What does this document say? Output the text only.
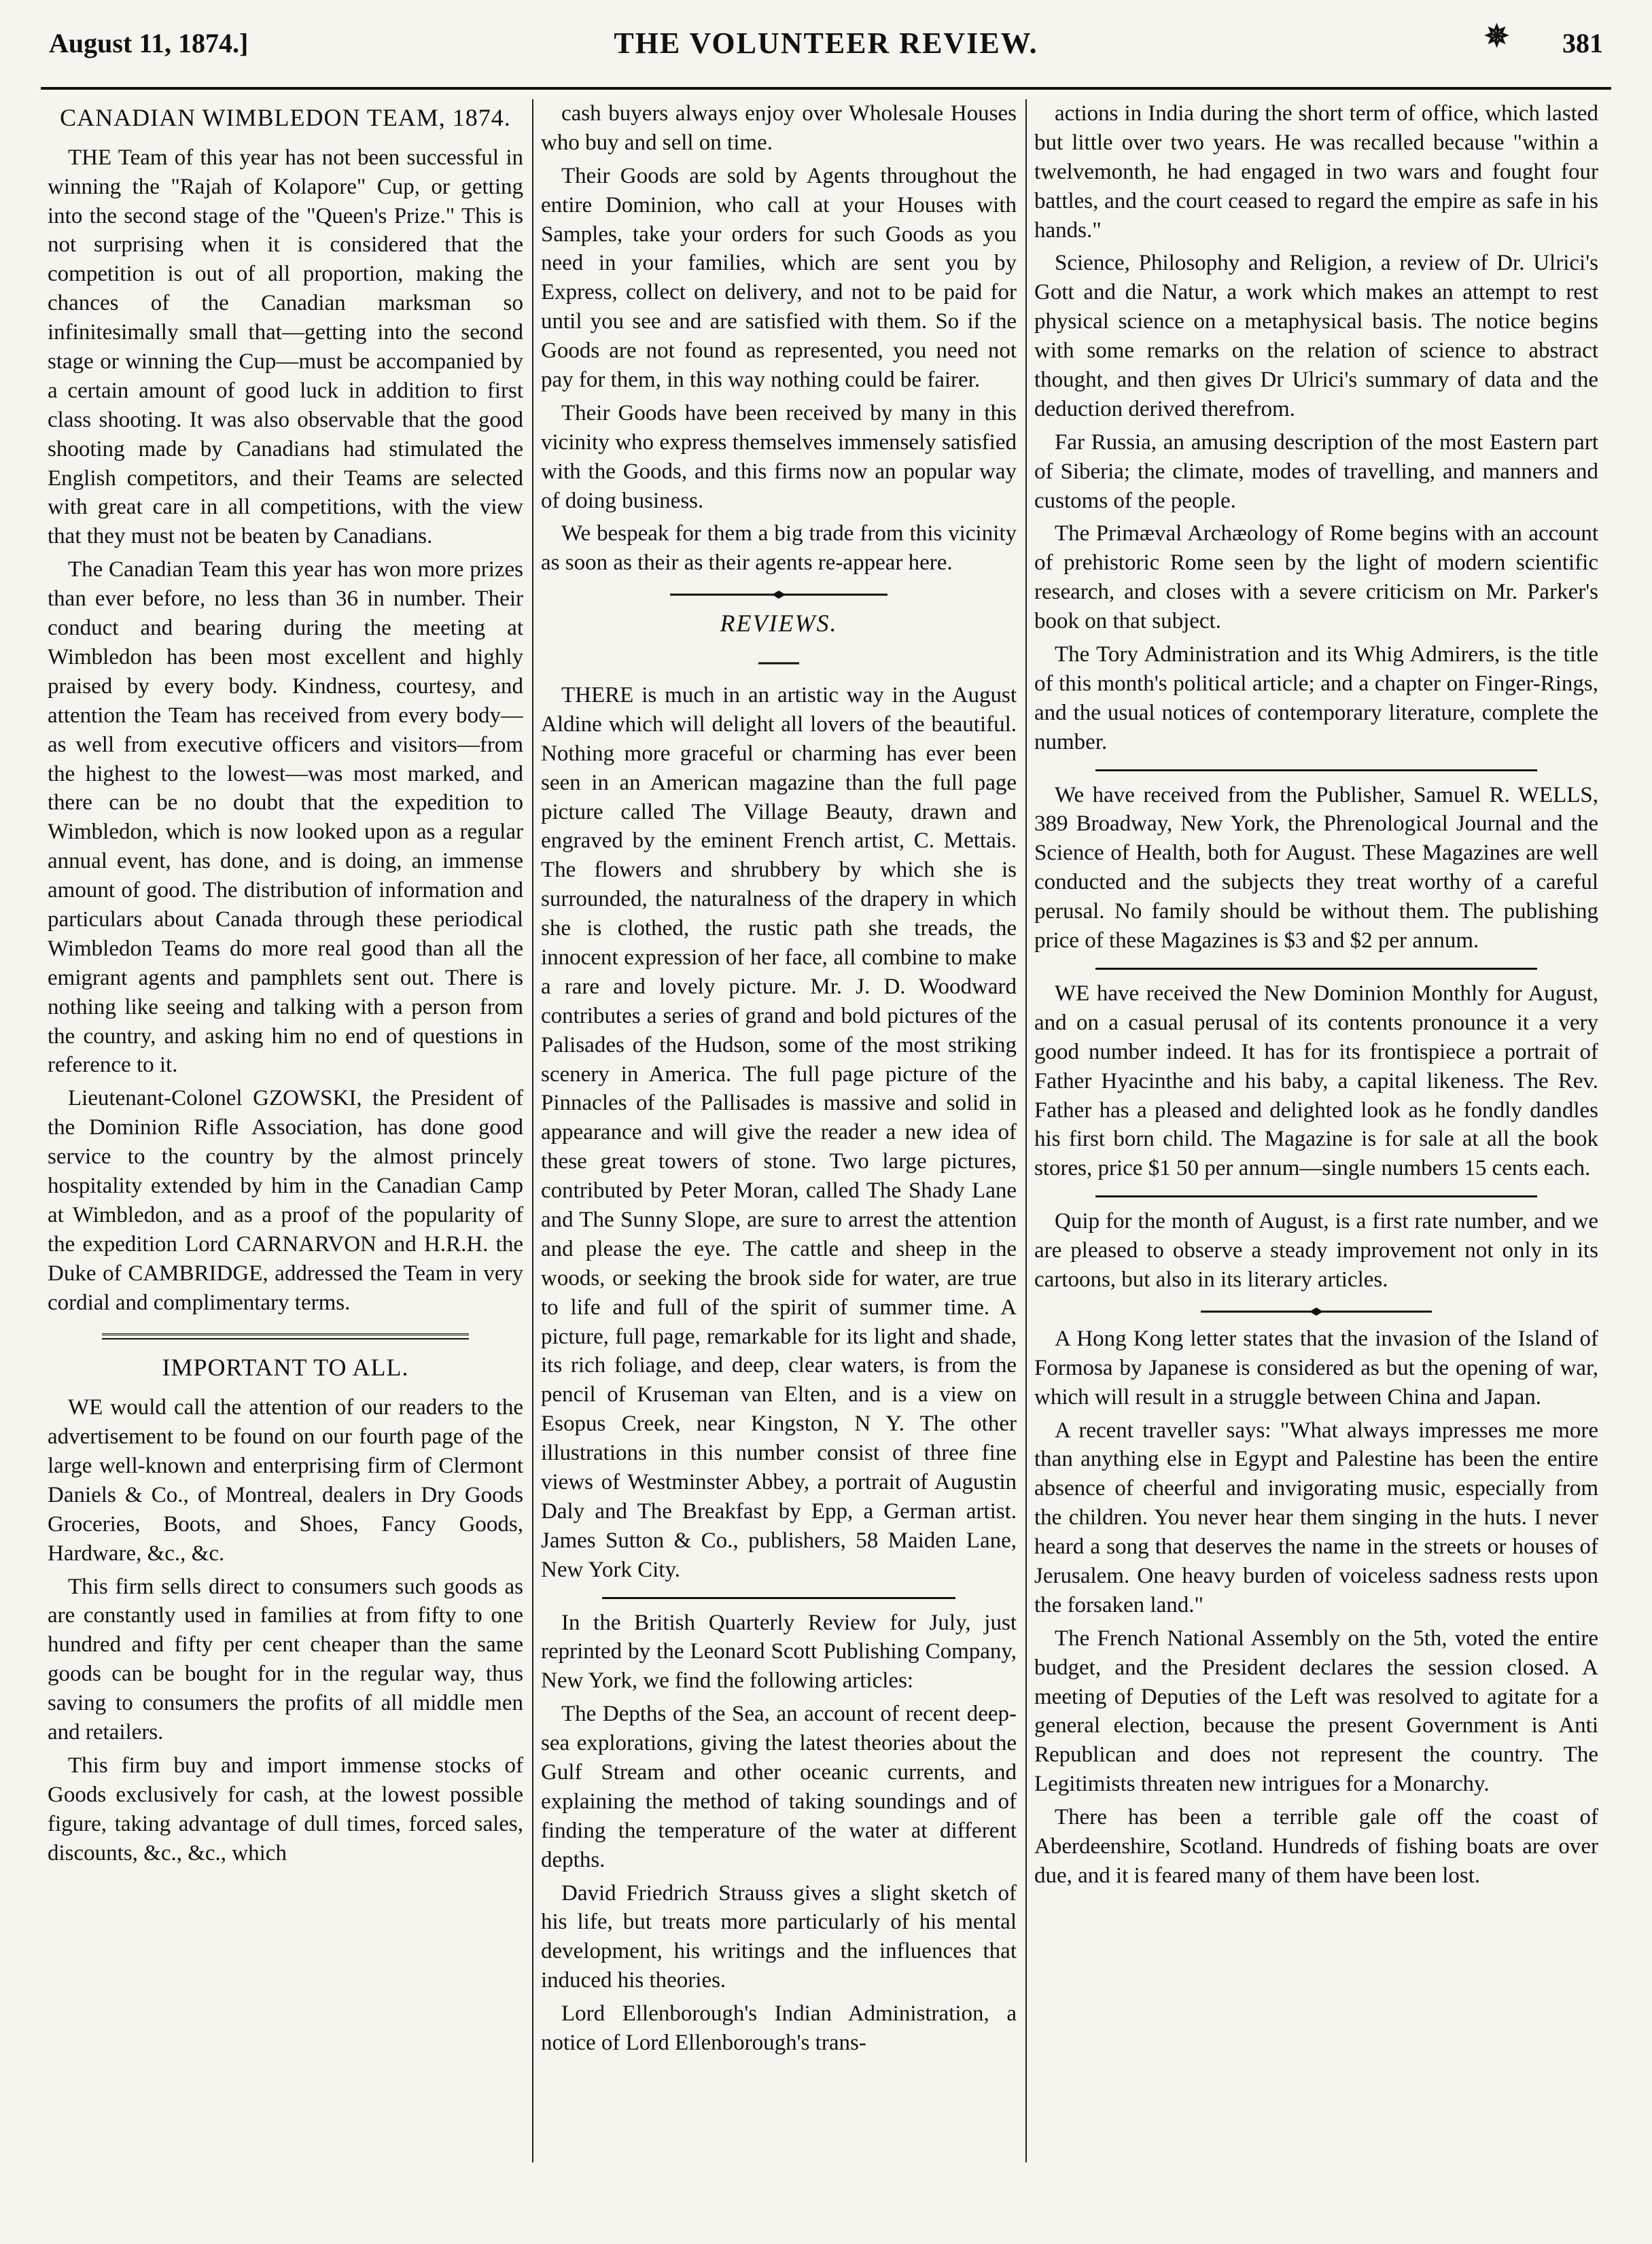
August 11, 1874.]	THE VOLUNTEER REVIEW.	✵ 381
CANADIAN WIMBLEDON TEAM, 1874.

THE Team of this year has not been successful in winning the "Rajah of Kolapore" Cup, or getting into the second stage of the "Queen's Prize." This is not surprising when it is considered that the competition is out of all proportion, making the chances of the Canadian marksman so infinitesimally small that—getting into the second stage or winning the Cup—must be accompanied by a certain amount of good luck in addition to first class shooting. It was also observable that the good shooting made by Canadians had stimulated the English competitors, and their Teams are selected with great care in all competitions, with the view that they must not be beaten by Canadians.

The Canadian Team this year has won more prizes than ever before, no less than 36 in number. Their conduct and bearing during the meeting at Wimbledon has been most excellent and highly praised by every body. Kindness, courtesy, and attention the Team has received from every body—as well from executive officers and visitors—from the highest to the lowest—was most marked, and there can be no doubt that the expedition to Wimbledon, which is now looked upon as a regular annual event, has done, and is doing, an immense amount of good. The distribution of information and particulars about Canada through these periodical Wimbledon Teams do more real good than all the emigrant agents and pamphlets sent out. There is nothing like seeing and talking with a person from the country, and asking him no end of questions in reference to it.

Lieutenant-Colonel GZOWSKI, the President of the Dominion Rifle Association, has done good service to the country by the almost princely hospitality extended by him in the Canadian Camp at Wimbledon, and as a proof of the popularity of the expedition Lord CARNARVON and H.R.H. the Duke of CAMBRIDGE, addressed the Team in very cordial and complimentary terms.

IMPORTANT TO ALL.

WE would call the attention of our readers to the advertisement to be found on our fourth page of the large well-known and enterprising firm of Clermont Daniels & Co., of Montreal, dealers in Dry Goods Groceries, Boots, and Shoes, Fancy Goods, Hardware, &c., &c.

This firm sells direct to consumers such goods as are constantly used in families at from fifty to one hundred and fifty per cent cheaper than the same goods can be bought for in the regular way, thus saving to consumers the profits of all middle men and retailers.

This firm buy and import immense stocks of Goods exclusively for cash, at the lowest possible figure, taking advantage of dull times, forced sales, discounts, &c., &c., which

cash buyers always enjoy over Wholesale Houses who buy and sell on time.

Their Goods are sold by Agents throughout the entire Dominion, who call at your Houses with Samples, take your orders for such Goods as you need in your families, which are sent you by Express, collect on delivery, and not to be paid for until you see and are satisfied with them. So if the Goods are not found as represented, you need not pay for them, in this way nothing could be fairer.

Their Goods have been received by many in this vicinity who express themselves immensely satisfied with the Goods, and this firms now an popular way of doing business.

We bespeak for them a big trade from this vicinity as soon as their as their agents re-appear here.

REVIEWS.

THERE is much in an artistic way in the August Aldine which will delight all lovers of the beautiful. Nothing more graceful or charming has ever been seen in an American magazine than the full page picture called The Village Beauty, drawn and engraved by the eminent French artist, C. Mettais. The flowers and shrubbery by which she is surrounded, the naturalness of the drapery in which she is clothed, the rustic path she treads, the innocent expression of her face, all combine to make a rare and lovely picture. Mr. J. D. Woodward contributes a series of grand and bold pictures of the Palisades of the Hudson, some of the most striking scenery in America. The full page picture of the Pinnacles of the Pallisades is massive and solid in appearance and will give the reader a new idea of these great towers of stone. Two large pictures, contributed by Peter Moran, called The Shady Lane and The Sunny Slope, are sure to arrest the attention and please the eye. The cattle and sheep in the woods, or seeking the brook side for water, are true to life and full of the spirit of summer time. A picture, full page, remarkable for its light and shade, its rich foliage, and deep, clear waters, is from the pencil of Kruseman van Elten, and is a view on Esopus Creek, near Kingston, N Y. The other illustrations in this number consist of three fine views of Westminster Abbey, a portrait of Augustin Daly and The Breakfast by Epp, a German artist. James Sutton & Co., publishers, 58 Maiden Lane, New York City.

In the British Quarterly Review for July, just reprinted by the Leonard Scott Publishing Company, New York, we find the following articles:

The Depths of the Sea, an account of recent deep-sea explorations, giving the latest theories about the Gulf Stream and other oceanic currents, and explaining the method of taking soundings and of finding the temperature of the water at different depths.

David Friedrich Strauss gives a slight sketch of his life, but treats more particularly of his mental development, his writings and the influences that induced his theories.

Lord Ellenborough's Indian Administration, a notice of Lord Ellenborough's trans-

actions in India during the short term of office, which lasted but little over two years. He was recalled because "within a twelvemonth, he had engaged in two wars and fought four battles, and the court ceased to regard the empire as safe in his hands."

Science, Philosophy and Religion, a review of Dr. Ulrici's Gott and die Natur, a work which makes an attempt to rest physical science on a metaphysical basis. The notice begins with some remarks on the relation of science to abstract thought, and then gives Dr Ulrici's summary of data and the deduction derived therefrom.

Far Russia, an amusing description of the most Eastern part of Siberia; the climate, modes of travelling, and manners and customs of the people.

The Primæval Archæology of Rome begins with an account of prehistoric Rome seen by the light of modern scientific research, and closes with a severe criticism on Mr. Parker's book on that subject.

The Tory Administration and its Whig Admirers, is the title of this month's political article; and a chapter on Finger-Rings, and the usual notices of contemporary literature, complete the number.

We have received from the Publisher, Samuel R. WELLS, 389 Broadway, New York, the Phrenological Journal and the Science of Health, both for August. These Magazines are well conducted and the subjects they treat worthy of a careful perusal. No family should be without them. The publishing price of these Magazines is $3 and $2 per annum.

WE have received the New Dominion Monthly for August, and on a casual perusal of its contents pronounce it a very good number indeed. It has for its frontispiece a portrait of Father Hyacinthe and his baby, a capital likeness. The Rev. Father has a pleased and delighted look as he fondly dandles his first born child. The Magazine is for sale at all the book stores, price $1 50 per annum—single numbers 15 cents each.

Quip for the month of August, is a first rate number, and we are pleased to observe a steady improvement not only in its cartoons, but also in its literary articles.

A Hong Kong letter states that the invasion of the Island of Formosa by Japanese is considered as but the opening of war, which will result in a struggle between China and Japan.

A recent traveller says: "What always impresses me more than anything else in Egypt and Palestine has been the entire absence of cheerful and invigorating music, especially from the children. You never hear them singing in the huts. I never heard a song that deserves the name in the streets or houses of Jerusalem. One heavy burden of voiceless sadness rests upon the forsaken land."

The French National Assembly on the 5th, voted the entire budget, and the President declares the session closed. A meeting of Deputies of the Left was resolved to agitate for a general election, because the present Government is Anti Republican and does not represent the country. The Legitimists threaten new intrigues for a Monarchy.

There has been a terrible gale off the coast of Aberdeenshire, Scotland. Hundreds of fishing boats are over due, and it is feared many of them have been lost.
